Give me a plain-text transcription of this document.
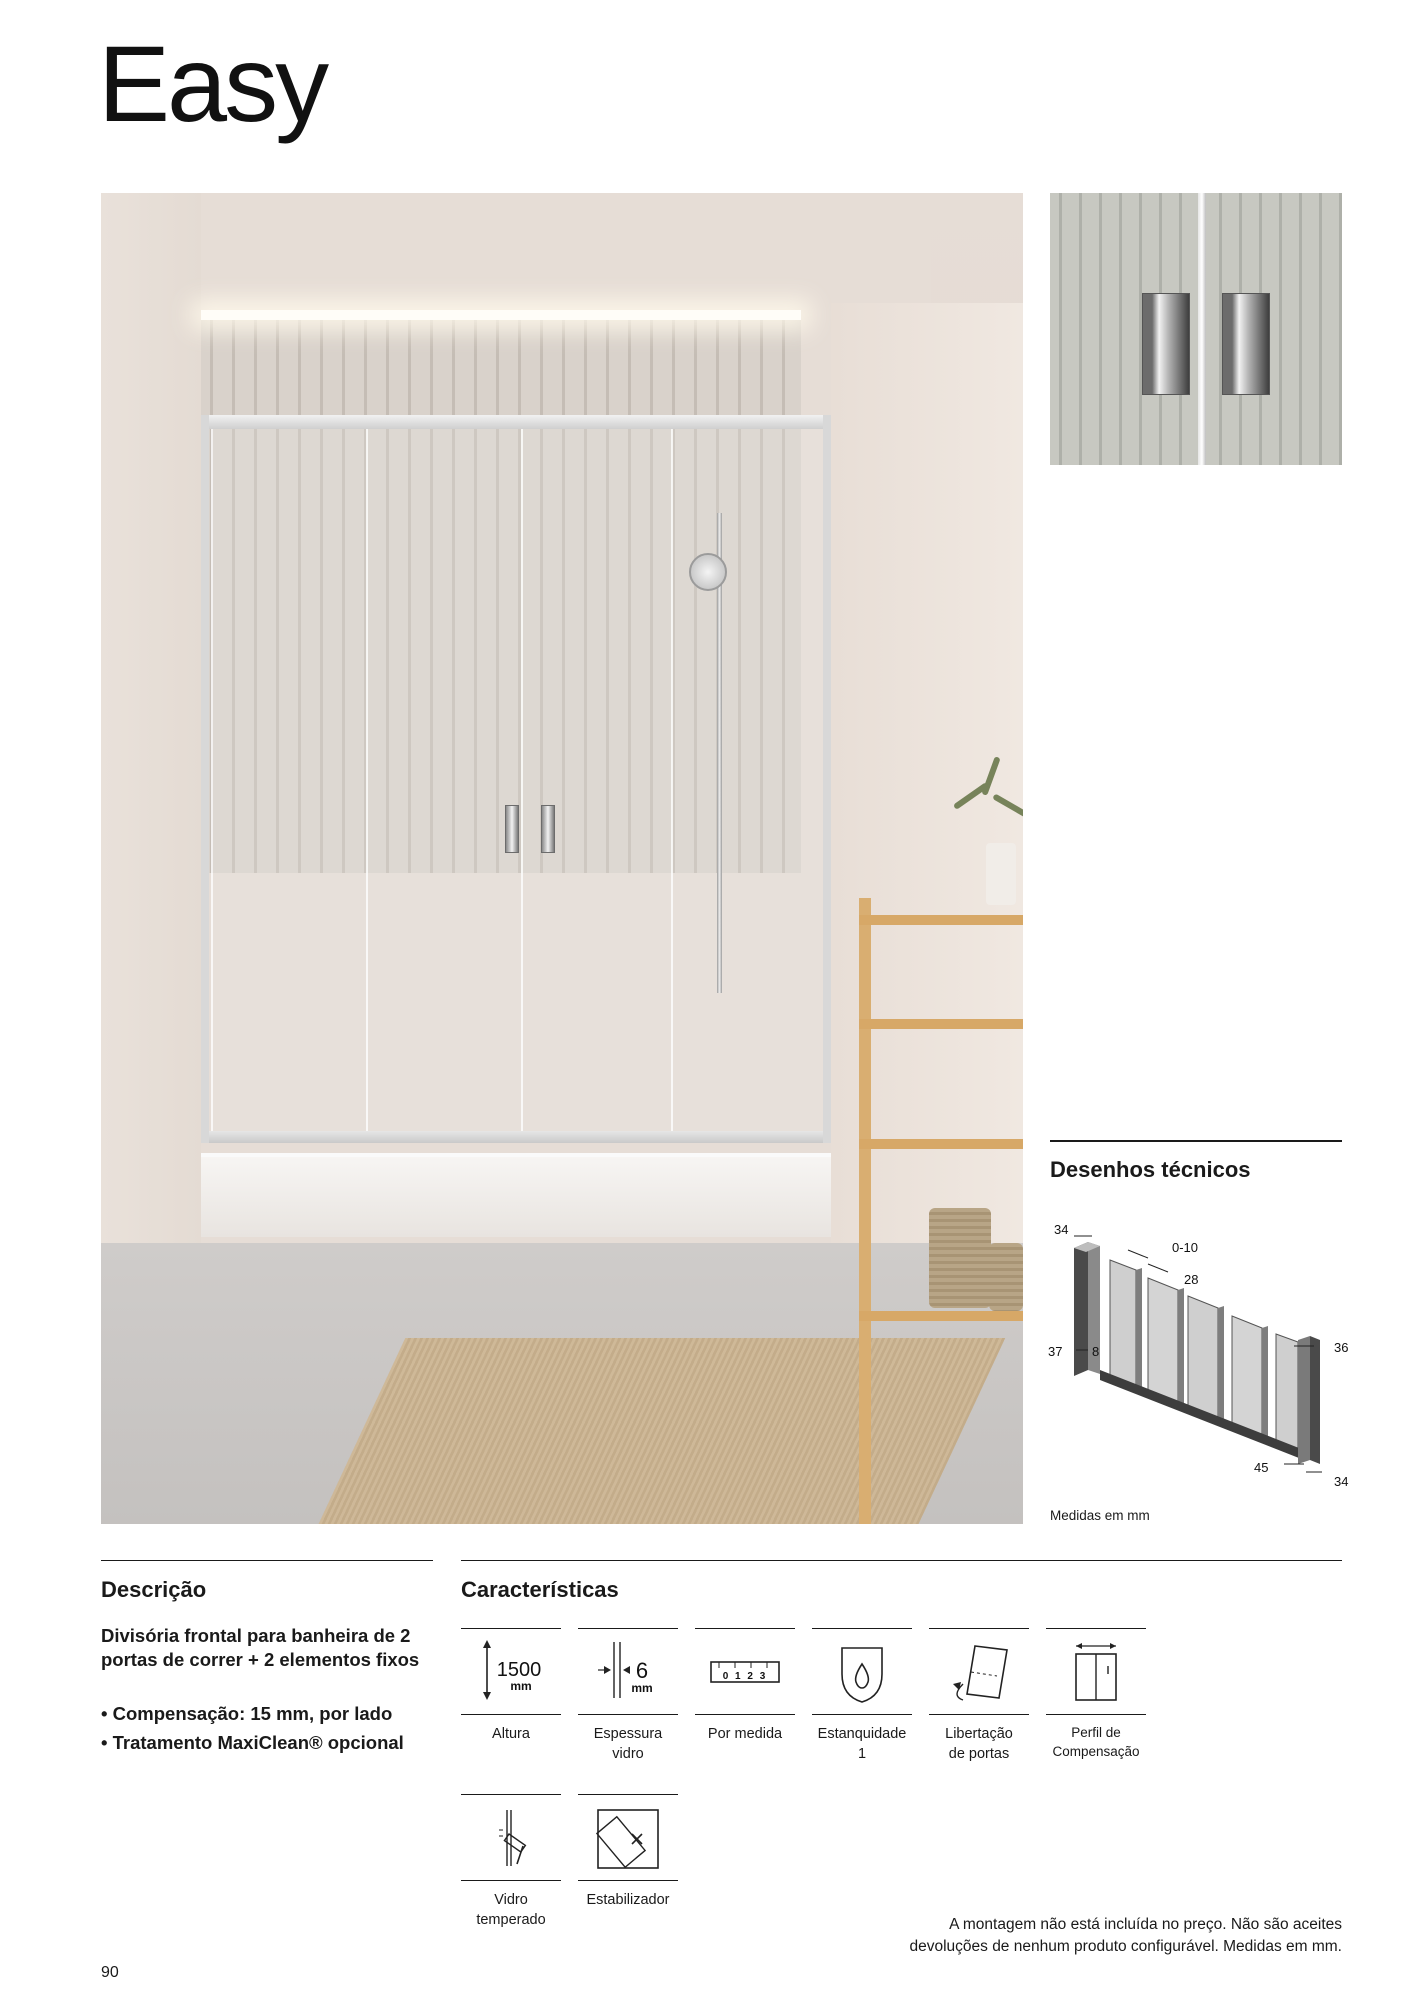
Easy
Desenhos técnicos
34
0-10
28
37 8	36
45
34
Medidas em mm
Descrição
Divisória frontal para banheira de 2 portas de correr + 2 elementos fixos
• Compensação: 15 mm, por lado
• Tratamento MaxiClean® opcional
Características
1500
mm
Altura
6
mm
Espessura
vidro
0 1 2 3
Por medida	Estanquidade
1
Libertação
de portas
Perfil de
Compensação
Vidro
temperado
Estabilizador
A montagem não está incluída no preço. Não são aceites
devoluções de nenhum produto configurável. Medidas em mm.
90
